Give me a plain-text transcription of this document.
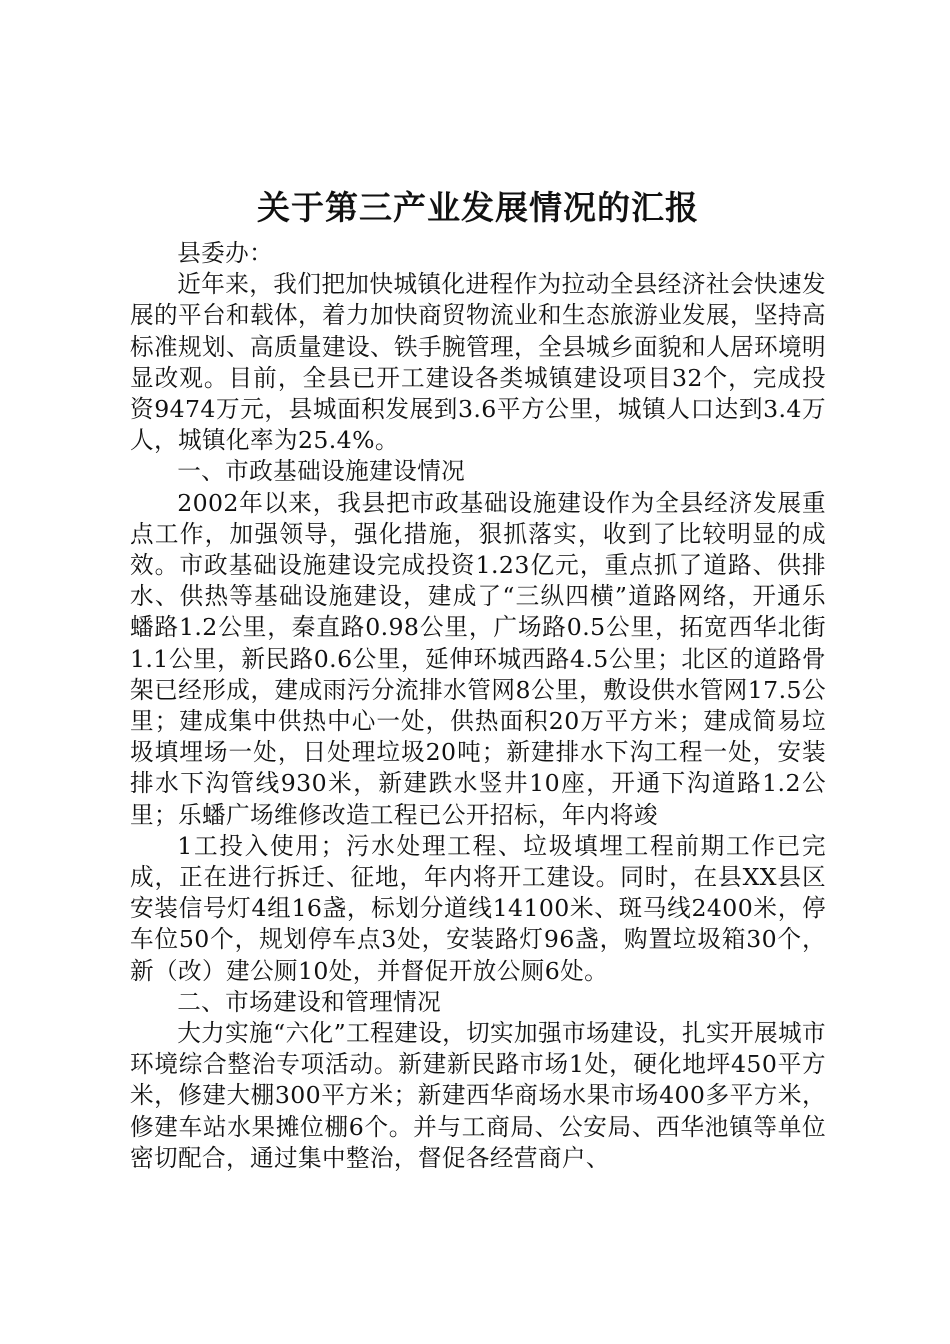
关于第三产业发展情况的汇报

县委办：

近年来，我们把加快城镇化进程作为拉动全县经济社会快速发展的平台和载体，着力加快商贸物流业和生态旅游业发展，坚持高标准规划、高质量建设、铁手腕管理，全县城乡面貌和人居环境明显改观。目前，全县已开工建设各类城镇建设项目32个，完成投资9474万元，县城面积发展到3.6平方公里，城镇人口达到3.4万人，城镇化率为25.4%。

一、市政基础设施建设情况

2002年以来，我县把市政基础设施建设作为全县经济发展重点工作，加强领导，强化措施，狠抓落实，收到了比较明显的成效。市政基础设施建设完成投资1.23亿元，重点抓了道路、供排水、供热等基础设施建设，建成了“三纵四横”道路网络，开通乐蟠路1.2公里，秦直路0.98公里，广场路0.5公里，拓宽西华北街1.1公里，新民路0.6公里，延伸环城西路4.5公里；北区的道路骨架已经形成，建成雨污分流排水管网8公里，敷设供水管网17.5公里；建成集中供热中心一处，供热面积20万平方米；建成简易垃圾填埋场一处，日处理垃圾20吨；新建排水下沟工程一处，安装排水下沟管线930米，新建跌水竖井10座，开通下沟道路1.2公里；乐蟠广场维修改造工程已公开招标，年内将竣

1工投入使用；污水处理工程、垃圾填埋工程前期工作已完成，正在进行拆迁、征地，年内将开工建设。同时，在县XX县区安装信号灯4组16盏，标划分道线14100米、斑马线2400米，停车位50个，规划停车点3处，安装路灯96盏，购置垃圾箱30个，新（改）建公厕10处，并督促开放公厕6处。

二、市场建设和管理情况

大力实施“六化”工程建设，切实加强市场建设，扎实开展城市环境综合整治专项活动。新建新民路市场1处，硬化地坪450平方米，修建大棚300平方米；新建西华商场水果市场400多平方米，修建车站水果摊位棚6个。并与工商局、公安局、西华池镇等单位密切配合，通过集中整治，督促各经营商户、
